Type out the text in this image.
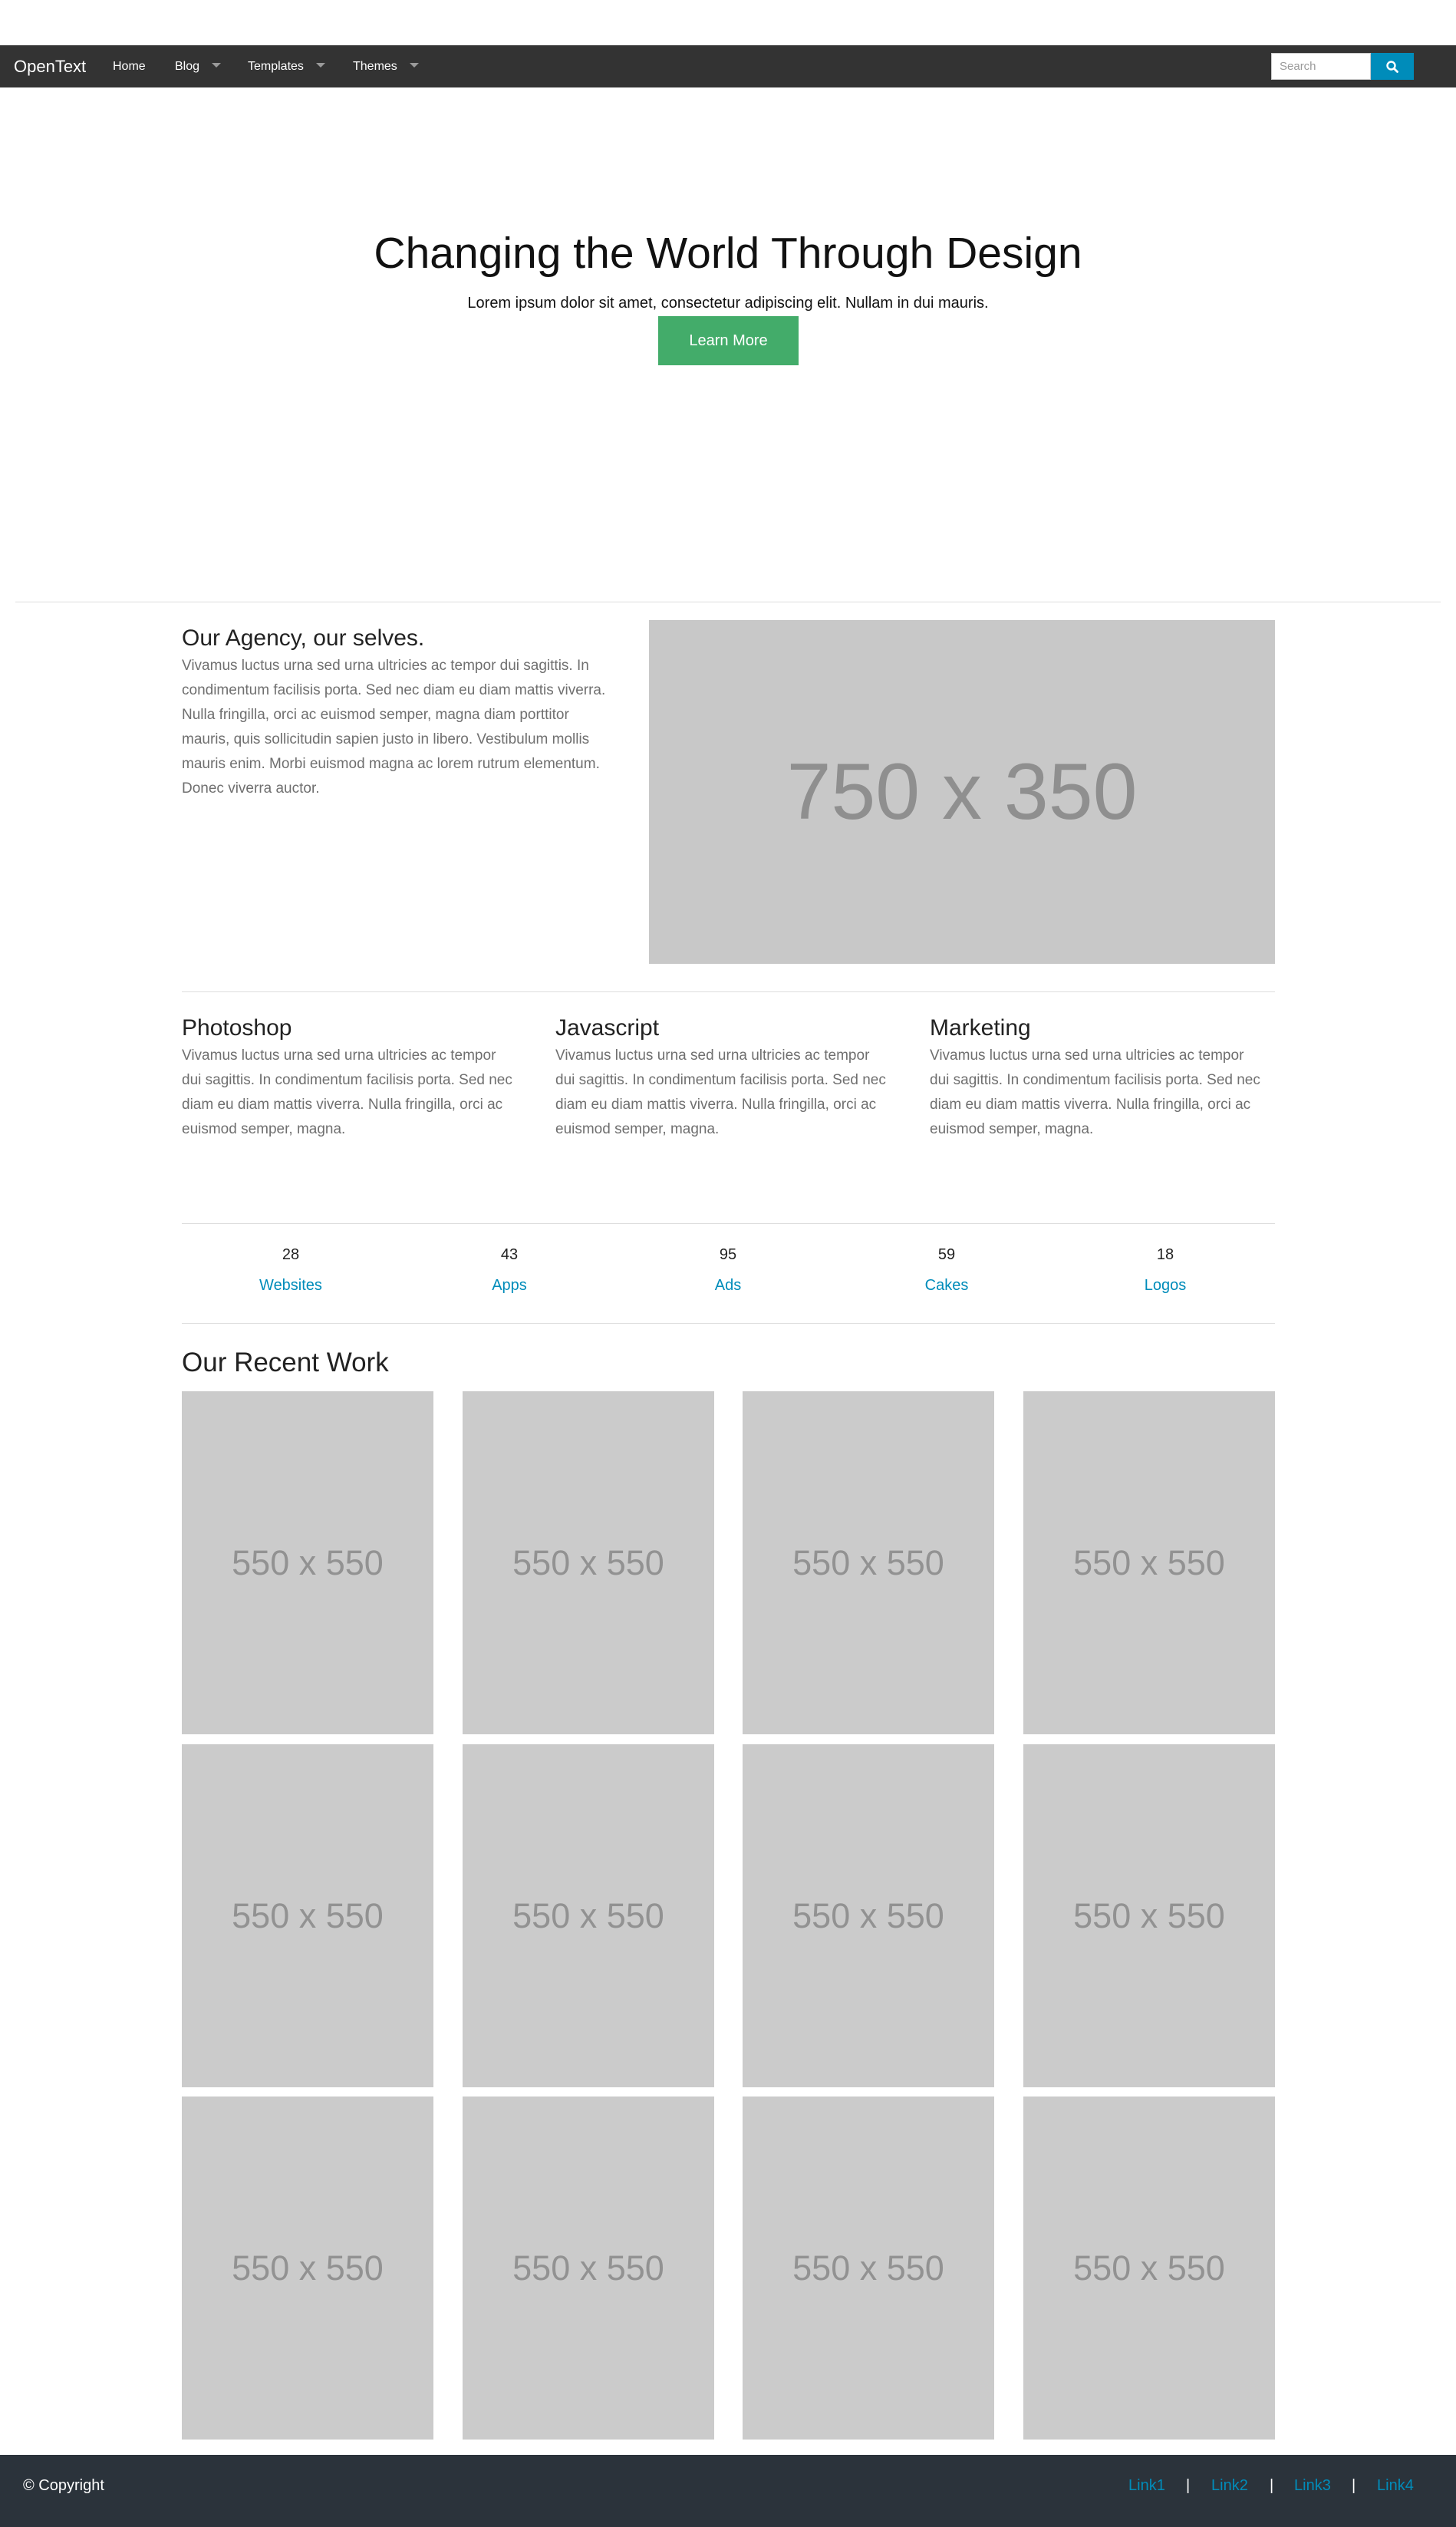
OpenText Home Blog	Templates	Themes
Search
Changing the World Through Design

Lorem ipsum dolor sit amet, consectetur adipiscing elit. Nullam in dui mauris.

Learn More
Our Agency, our selves.

Vivamus luctus urna sed urna ultricies ac tempor dui sagittis. In condimentum facilisis porta. Sed nec diam eu diam mattis viverra. Nulla fringilla, orci ac euismod semper, magna diam porttitor mauris, quis sollicitudin sapien justo in libero. Vestibulum mollis mauris enim. Morbi euismod magna ac lorem rutrum elementum. Donec viverra auctor.	750 x 350
Photoshop

Vivamus luctus urna sed urna ultricies ac tempor dui sagittis. In condimentum facilisis porta. Sed nec diam eu diam mattis viverra. Nulla fringilla, orci ac euismod semper, magna.

Javascript

Vivamus luctus urna sed urna ultricies ac tempor dui sagittis. In condimentum facilisis porta. Sed nec diam eu diam mattis viverra. Nulla fringilla, orci ac euismod semper, magna.

Marketing

Vivamus luctus urna sed urna ultricies ac tempor dui sagittis. In condimentum facilisis porta. Sed nec diam eu diam mattis viverra. Nulla fringilla, orci ac euismod semper, magna.

28
Websites
43
Apps
95
Ads
59
Cakes
18
Logos
Our Recent Work
550 x 550	550 x 550	550 x 550	550 x 550
550 x 550	550 x 550	550 x 550	550 x 550
550 x 550	550 x 550	550 x 550	550 x 550
© Copyright	Link1 | Link2 | Link3 | Link4
